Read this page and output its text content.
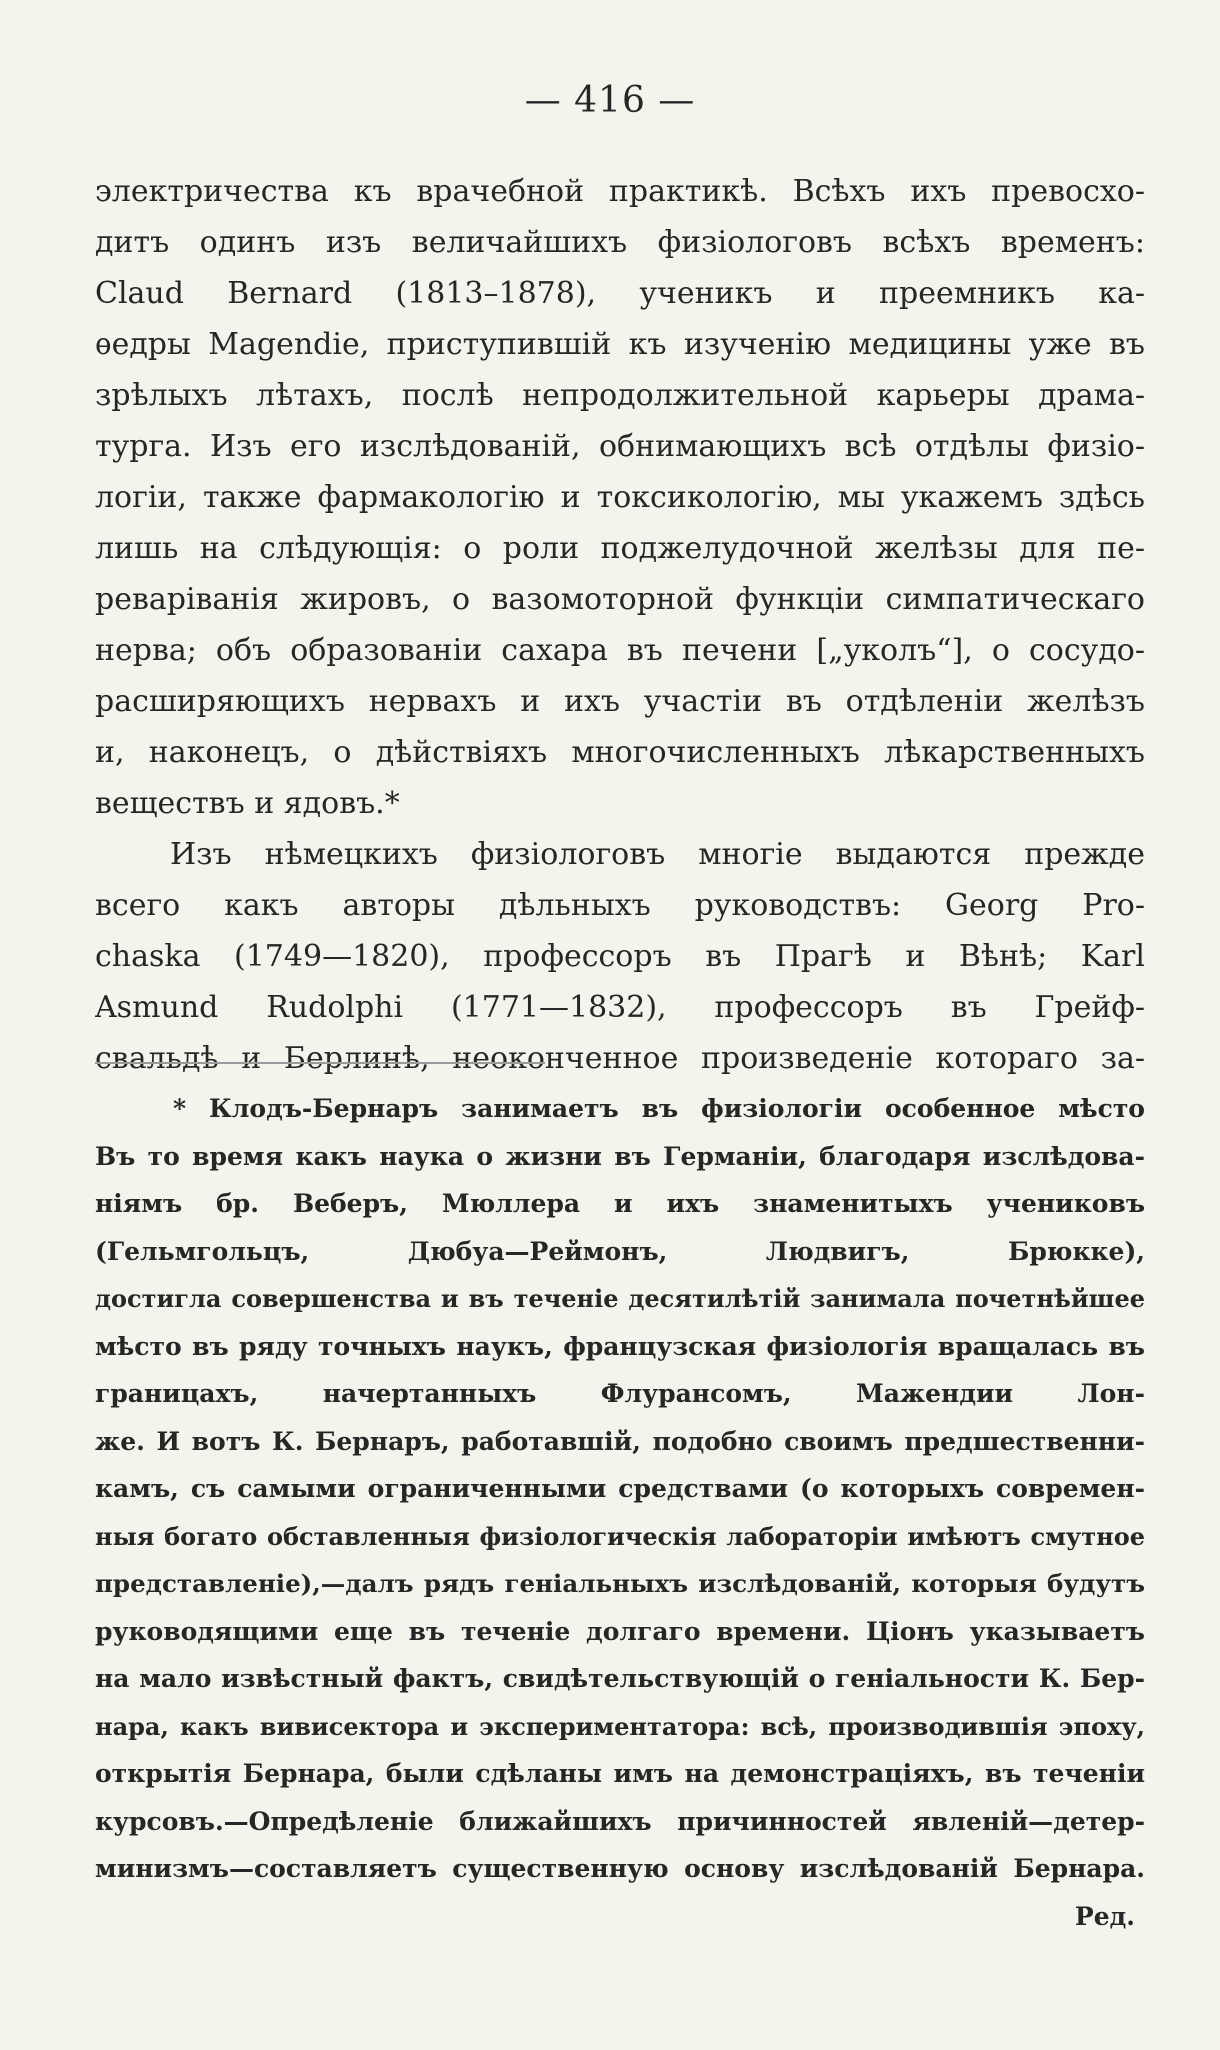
— 416 —
электричества къ врачебной практикѣ. Всѣхъ ихъ превосхо-
дитъ одинъ изъ величайшихъ физiологовъ всѣхъ временъ:
Claud Bernard (1813–1878), ученикъ и преемникъ ка-
ѳедры Magendie, приступившiй къ изученiю медицины уже въ
зрѣлыхъ лѣтахъ, послѣ непродолжительной карьеры драма-
турга. Изъ его изслѣдованiй, обнимающихъ всѣ отдѣлы физiо-
логiи, также фармакологiю и токсикологiю, мы укажемъ здѣсь
лишь на слѣдующiя: о роли поджелудочной желѣзы для пе-
реварiванiя жировъ, о вазомоторной функцiи симпатическаго
нерва; объ образованiи сахара въ печени [„уколъ“], о сосудо-
расширяющихъ нервахъ и ихъ участiи въ отдѣленiи желѣзъ
и, наконецъ, о дѣйствiяхъ многочисленныхъ лѣкарственныхъ
веществъ и ядовъ.*
Изъ нѣмецкихъ физiологовъ многiе выдаются прежде
всего какъ авторы дѣльныхъ руководствъ: Georg Pro-
chaska (1749—1820), профессоръ въ Прагѣ и Вѣнѣ; Karl
Asmund Rudolphi (1771—1832), профессоръ въ Грейф-
свальдѣ и Берлинѣ, неоконченное произведенiе котораго за-
* Клодъ-Бернаръ занимаетъ въ физiологiи особенное мѣсто
Въ то время какъ наука о жизни въ Германiи, благодаря изслѣдова-
нiямъ бр. Веберъ, Мюллера и ихъ знаменитыхъ учениковъ
(Гельмгольцъ, Дюбуа—Реймонъ, Людвигъ, Брюкке),
достигла совершенства и въ теченiе десятилѣтiй занимала почетнѣйшее
мѣсто въ ряду точныхъ наукъ, французская физiологiя вращалась въ
границахъ, начертанныхъ Флурансомъ, Мажендии Лон-
же. И вотъ К. Бернаръ, работавшiй, подобно своимъ предшественни-
камъ, съ самыми ограниченными средствами (о которыхъ современ-
ныя богато обставленныя физiологическiя лабораторiи имѣютъ смутное
представленiе),—далъ рядъ генiальныхъ изслѣдованiй, которыя будутъ
руководящими еще въ теченiе долгаго времени. Цiонъ указываетъ
на мало извѣстный фактъ, свидѣтельствующiй о генiальности К. Бер-
нара, какъ вивисектора и экспериментатора: всѣ, производившiя эпоху,
открытiя Бернара, были сдѣланы имъ на демонстрацiяхъ, въ теченiи
курсовъ.—Опредѣленiе ближайшихъ причинностей явленiй—детер-
минизмъ—составляетъ существенную основу изслѣдованiй Бернара.
Ред.
